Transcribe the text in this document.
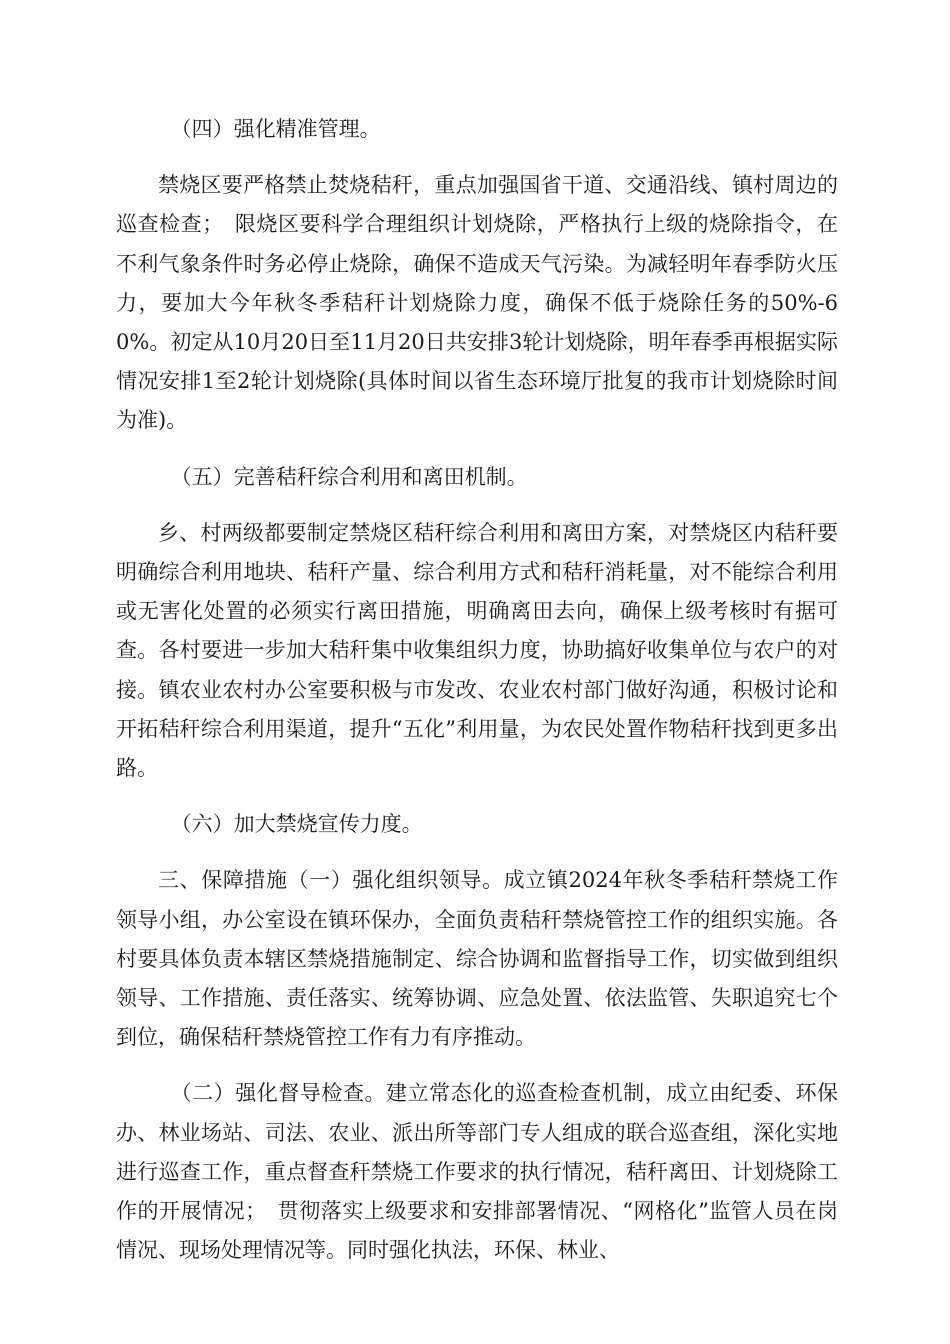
（四）强化精准管理。

禁烧区要严格禁止焚烧秸秆，重点加强国省干道、交通沿线、镇村周边的巡查检查；　限烧区要科学合理组织计划烧除，严格执行上级的烧除指令，在不利气象条件时务必停止烧除，确保不造成天气污染。为减轻明年春季防火压力，要加大今年秋冬季秸秆计划烧除力度，确保不低于烧除任务的50%-60%。初定从10月20日至11月20日共安排3轮计划烧除，明年春季再根据实际情况安排1至2轮计划烧除(具体时间以省生态环境厅批复的我市计划烧除时间为准)。

（五）完善秸秆综合利用和离田机制。

乡、村两级都要制定禁烧区秸秆综合利用和离田方案，对禁烧区内秸秆要明确综合利用地块、秸秆产量、综合利用方式和秸秆消耗量，对不能综合利用或无害化处置的必须实行离田措施，明确离田去向，确保上级考核时有据可查。各村要进一步加大秸秆集中收集组织力度，协助搞好收集单位与农户的对接。镇农业农村办公室要积极与市发改、农业农村部门做好沟通，积极讨论和开拓秸秆综合利用渠道，提升“五化”利用量，为农民处置作物秸秆找到更多出路。

（六）加大禁烧宣传力度。

三、保障措施（一）强化组织领导。成立镇2024年秋冬季秸秆禁烧工作领导小组，办公室设在镇环保办，全面负责秸秆禁烧管控工作的组织实施。各村要具体负责本辖区禁烧措施制定、综合协调和监督指导工作，切实做到组织领导、工作措施、责任落实、统筹协调、应急处置、依法监管、失职追究七个到位，确保秸秆禁烧管控工作有力有序推动。

（二）强化督导检查。建立常态化的巡查检查机制，成立由纪委、环保办、林业场站、司法、农业、派出所等部门专人组成的联合巡查组，深化实地进行巡查工作，重点督查秆禁烧工作要求的执行情况，秸秆离田、计划烧除工作的开展情况；　贯彻落实上级要求和安排部署情况、“网格化”监管人员在岗情况、现场处理情况等。同时强化执法，环保、林业、
